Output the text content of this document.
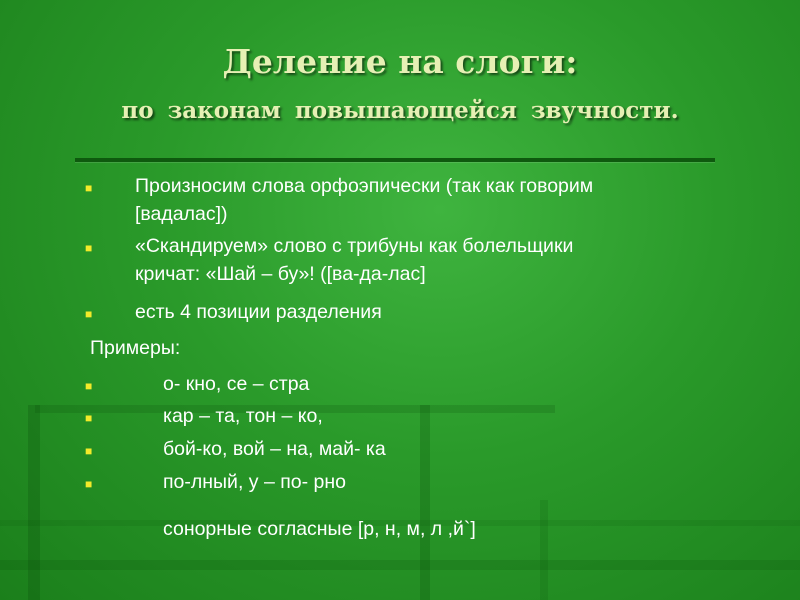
Деление на слоги:
по законам повышающейся звучности.
■ Произносим слова орфоэпически (так как говорим

[вадалас])

■ «Скандируем» слово с трибуны как болельщики

кричат: «Шай – бу»! ([ва-да-лас]

■ есть 4 позиции разделения

Примеры:

■	о- кно, се – стра

■	кар – та, тон – ко,

■	бой-ко, вой – на, май- ка

■	по-лный, у – по- рно

сонорные согласные [р, н, м, л ,й`]
